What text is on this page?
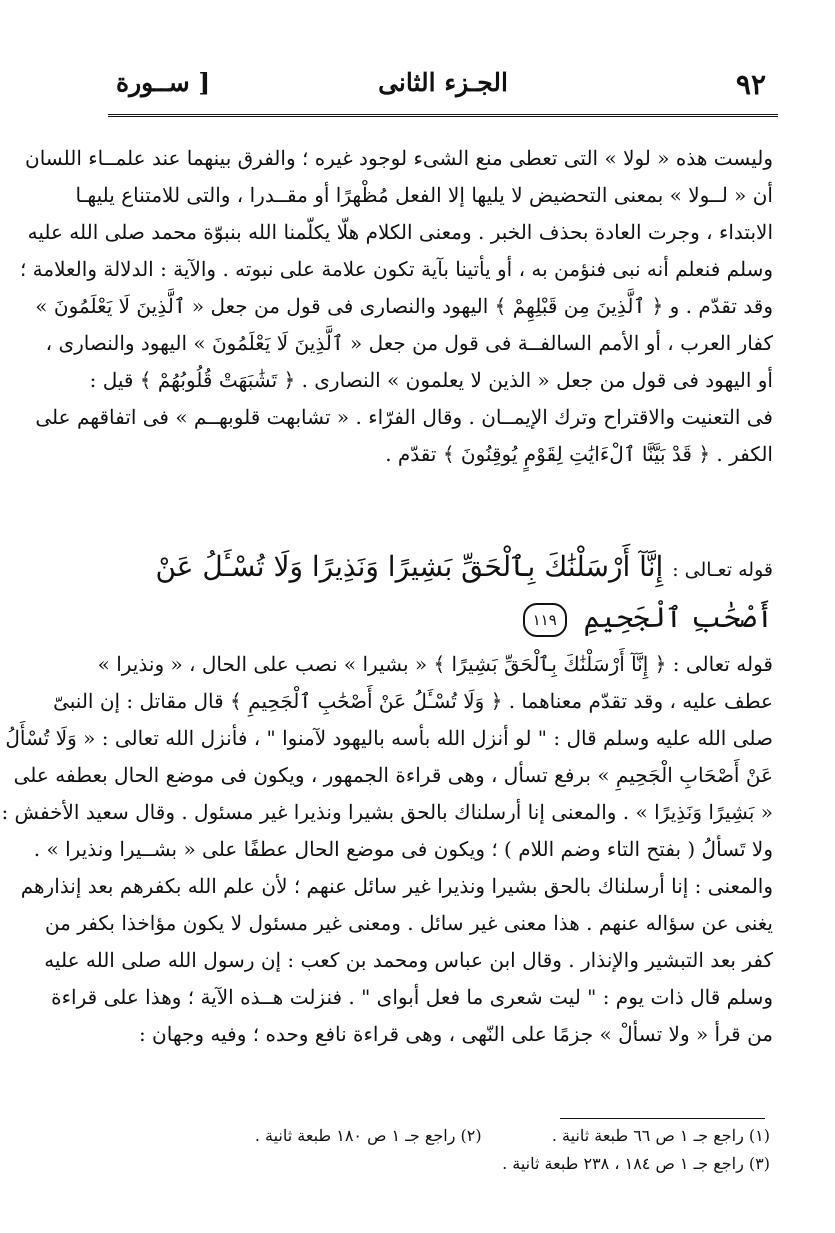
٩٢
الجـزء الثانى
[ ســورة
وليست هذه « لولا » التى تعطى منع الشىء لوجود غيره ؛ والفرق بينهما عند علمــاء اللسان
أن « لــولا » بمعنى التحضيض لا يليها إلا الفعل مُظْهرًا أو مقــدرا ، والتى للامتناع يليهـا
الابتداء ، وجرت العادة بحذف الخبر . ومعنى الكلام هلّا يكلّمنا الله بنبوّة محمد صلى الله عليه
وسلم فنعلم أنه نبى فنؤمن به ، أو يأتينا بآية تكون علامة على نبوته . والآية : الدلالة والعلامة ؛
وقد تقدّم . و ﴿ ٱلَّذِينَ مِن قَبْلِهِمْ ﴾ اليهود والنصارى فى قول من جعل « ٱلَّذِينَ لَا يَعْلَمُونَ »
كفار العرب ، أو الأمم السالفــة فى قول من جعل « ٱلَّذِينَ لَا يَعْلَمُونَ » اليهود والنصارى ،
أو اليهود فى قول من جعل « الذين لا يعلمون » النصارى . ﴿ تَشَٰبَهَتْ قُلُوبُهُمْ ﴾ قيل :
فى التعنيت والاقتراح وترك الإيمــان . وقال الفرّاء . « تشابهت قلوبهــم » فى اتفاقهم على
الكفر . ﴿ قَدْ بَيَّنَّا ٱلْءَايَٰتِ لِقَوْمٍ يُوقِنُونَ ﴾ تقدّم .
قوله تعـالى : إِنَّآ أَرْسَلْنَٰكَ بِٱلْحَقِّ بَشِيرًا وَنَذِيرًا وَلَا تُسْـَٔلُ عَنْ
أَصْحَٰبِ ٱلْجَحِيمِ ١١٩
قوله تعالى : ﴿ إِنَّآ أَرْسَلْنَٰكَ بِٱلْحَقِّ بَشِيرًا ﴾ « بشيرا » نصب على الحال ، « ونذيرا »
عطف عليه ، وقد تقدّم معناهما . ﴿ وَلَا تُسْـَٔلُ عَنْ أَصْحَٰبِ ٱلْجَحِيمِ ﴾ قال مقاتل : إن النبىّ
صلى الله عليه وسلم قال : " لو أنزل الله بأسه باليهود لآمنوا " ، فأنزل الله تعالى : « وَلَا تُسْأَلُ
عَنْ أَصْحَابِ الْجَحِيمِ » برفع تسأل ، وهى قراءة الجمهور ، ويكون فى موضع الحال بعطفه على
« بَشِيرًا وَنَذِيرًا » . والمعنى إنا أرسلناك بالحق بشيرا ونذيرا غير مسئول . وقال سعيد الأخفش :
ولا تَسألُ ( بفتح التاء وضم اللام ) ؛ ويكون فى موضع الحال عطفًا على « بشــيرا ونذيرا » .
والمعنى : إنا أرسلناك بالحق بشيرا ونذيرا غير سائل عنهم ؛ لأن علم الله بكفرهم بعد إنذارهم
يغنى عن سؤاله عنهم . هذا معنى غير سائل . ومعنى غير مسئول لا يكون مؤاخذا بكفر من
كفر بعد التبشير والإنذار . وقال ابن عباس ومحمد بن كعب : إن رسول الله صلى الله عليه
وسلم قال ذات يوم : " ليت شعرى ما فعل أبواى " . فنزلت هــذه الآية ؛ وهذا على قراءة
من قرأ « ولا تسألْ » جزمًا على النّهى ، وهى قراءة نافع وحده ؛ وفيه وجهان :
(١) راجع جـ ١ ص ٦٦ طبعة ثانية .  (٢) راجع جـ ١ ص ١٨٠ طبعة ثانية .
(٣) راجع جـ ١ ص ١٨٤ ، ٢٣٨ طبعة ثانية .
